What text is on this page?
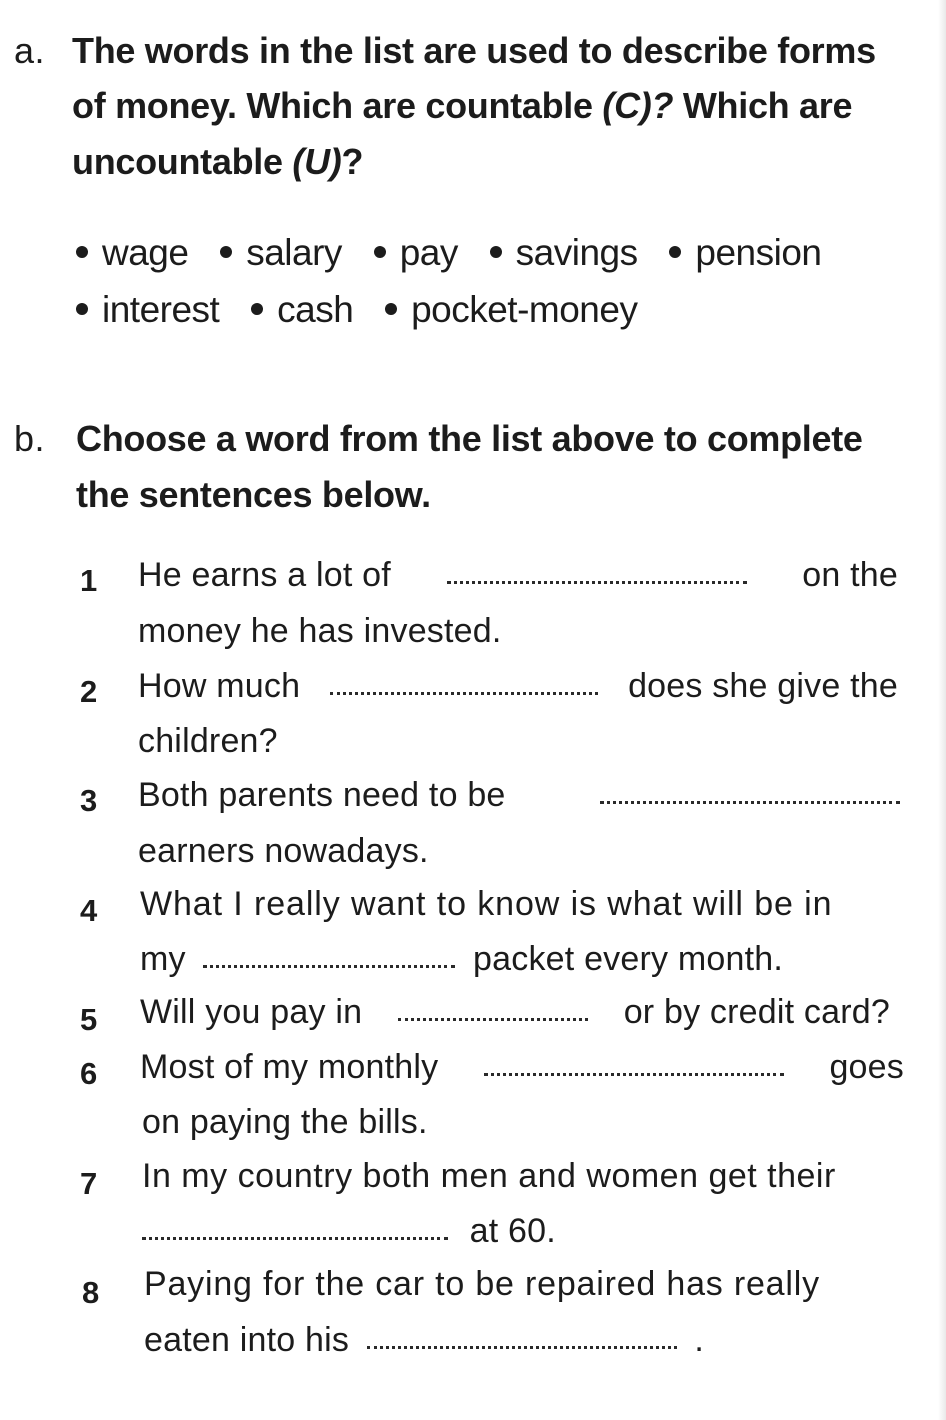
a. The words in the list are used to describe forms
of money. Which are countable (C)? Which are
uncountable (U)?
wage salary pay savings pension
interest cash pocket-money
b. Choose a word from the list above to complete
the sentences below.
1 He earns a lot of	on the
money he has invested.
2 How much	does she give the
children?
3 Both parents need to be
earners nowadays.
4 What I really want to know is what will be in
my	packet every month.
5 Will you pay in	or by credit card?
6 Most of my monthly	goes
on paying the bills.
7 In my country both men and women get their
at 60.
8 Paying for the car to be repaired has really
eaten into his	.
